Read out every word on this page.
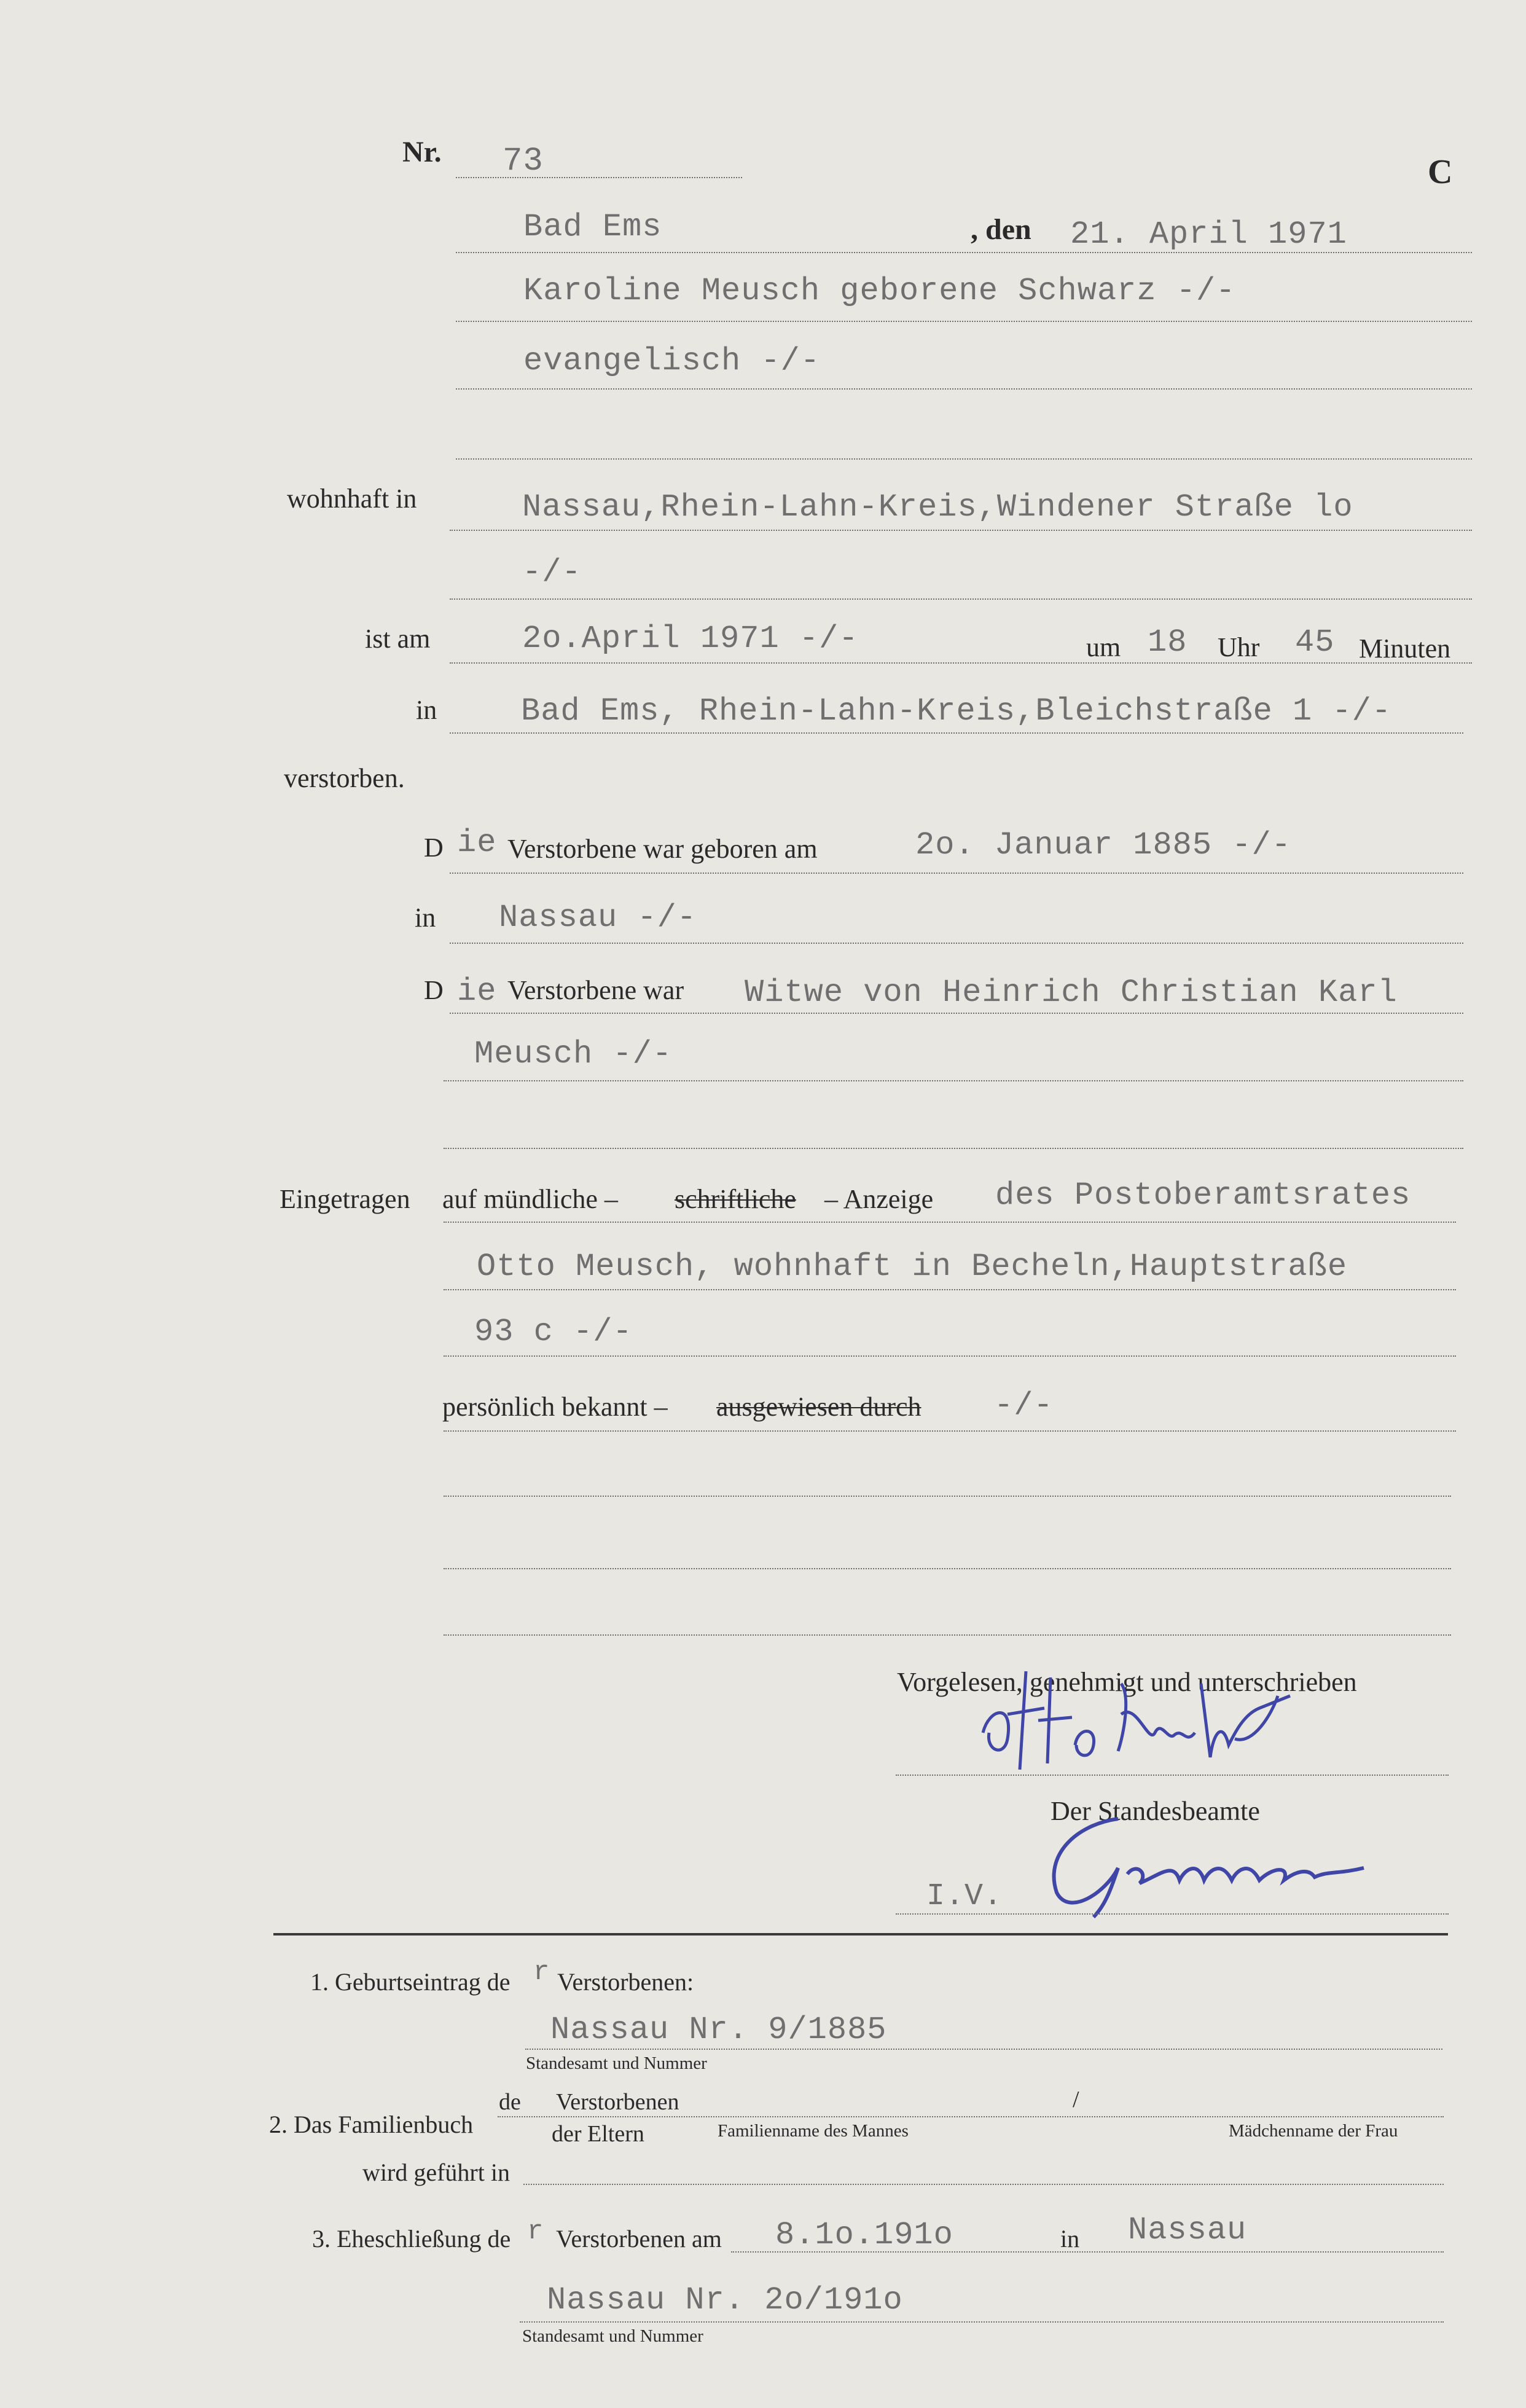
Nr. 73	C
Bad Ems	, den 21. April 1971
Karoline Meusch geborene Schwarz -/-
evangelisch -/-
wohnhaft in	Nassau,Rhein-Lahn-Kreis,Windener Straße lo
-/-
ist am	2o.April 1971 -/-	um 18 Uhr 45 Minuten
in	Bad Ems, Rhein-Lahn-Kreis,Bleichstraße 1 -/-
verstorben.
D ie Verstorbene war geboren am	2o. Januar 1885 -/-
in Nassau -/-
D ie Verstorbene war Witwe von Heinrich Christian Karl
Meusch -/-
Eingetragen auf mündliche – schriftliche – Anzeige des Postoberamtsrates
Otto Meusch, wohnhaft in Becheln,Hauptstraße
93 c -/-
persönlich bekannt – ausgewiesen durch -/-
Vorgelesen, genehmigt und unterschrieben
Der Standesbeamte
I.V.
1. Geburtseintrag de r Verstorbenen:
Nassau Nr. 9/1885
Standesamt und Nummer
2. Das Familienbuch
de Verstorbenen	/
der Eltern	Familienname des Mannes	Mädchenname der Frau
wird geführt in
3. Eheschließung de r Verstorbenen am 8.1o.191o	in Nassau
Nassau Nr. 2o/191o
Standesamt und Nummer
